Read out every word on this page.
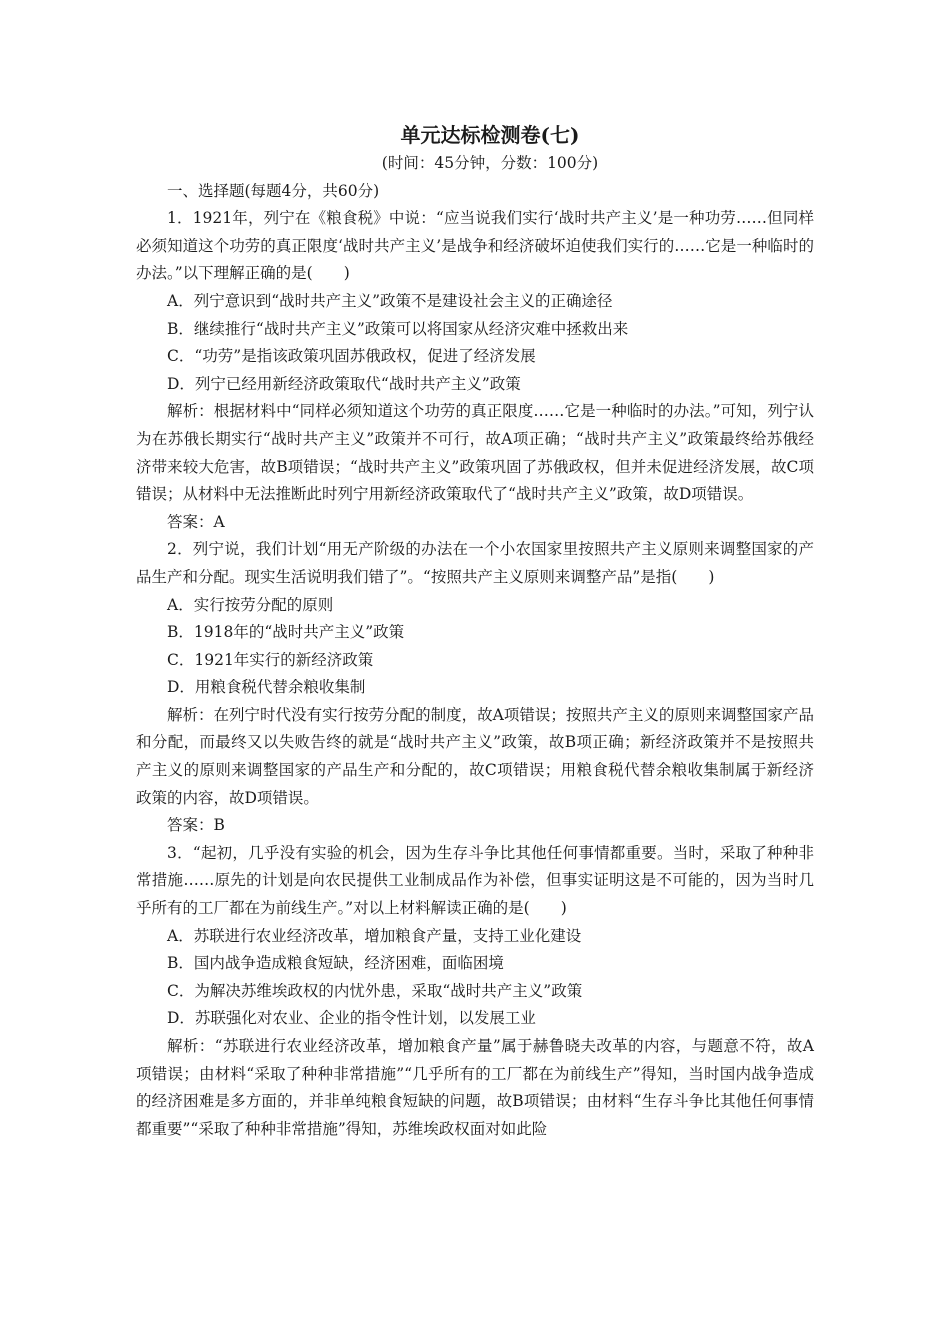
单元达标检测卷(七)

(时间：45分钟，分数：100分)

一、选择题(每题4分，共60分)

1．1921年，列宁在《粮食税》中说：“应当说我们实行‘战时共产主义’是一种功劳……但同样必须知道这个功劳的真正限度‘战时共产主义’是战争和经济破坏迫使我们实行的……它是一种临时的办法。”以下理解正确的是(　　)

A．列宁意识到“战时共产主义”政策不是建设社会主义的正确途径

B．继续推行“战时共产主义”政策可以将国家从经济灾难中拯救出来

C．“功劳”是指该政策巩固苏俄政权，促进了经济发展

D．列宁已经用新经济政策取代“战时共产主义”政策

解析：根据材料中“同样必须知道这个功劳的真正限度……它是一种临时的办法。”可知，列宁认为在苏俄长期实行“战时共产主义”政策并不可行，故A项正确；“战时共产主义”政策最终给苏俄经济带来较大危害，故B项错误；“战时共产主义”政策巩固了苏俄政权，但并未促进经济发展，故C项错误；从材料中无法推断此时列宁用新经济政策取代了“战时共产主义”政策，故D项错误。

答案：A

2．列宁说，我们计划“用无产阶级的办法在一个小农国家里按照共产主义原则来调整国家的产品生产和分配。现实生活说明我们错了”。“按照共产主义原则来调整产品”是指(　　)

A．实行按劳分配的原则

B．1918年的“战时共产主义”政策

C．1921年实行的新经济政策

D．用粮食税代替余粮收集制

解析：在列宁时代没有实行按劳分配的制度，故A项错误；按照共产主义的原则来调整国家产品和分配，而最终又以失败告终的就是“战时共产主义”政策，故B项正确；新经济政策并不是按照共产主义的原则来调整国家的产品生产和分配的，故C项错误；用粮食税代替余粮收集制属于新经济政策的内容，故D项错误。

答案：B

3．“起初，几乎没有实验的机会，因为生存斗争比其他任何事情都重要。当时，采取了种种非常措施……原先的计划是向农民提供工业制成品作为补偿，但事实证明这是不可能的，因为当时几乎所有的工厂都在为前线生产。”对以上材料解读正确的是(　　)

A．苏联进行农业经济改革，增加粮食产量，支持工业化建设

B．国内战争造成粮食短缺，经济困难，面临困境

C．为解决苏维埃政权的内忧外患，采取“战时共产主义”政策

D．苏联强化对农业、企业的指令性计划，以发展工业

解析：“苏联进行农业经济改革，增加粮食产量”属于赫鲁晓夫改革的内容，与题意不符，故A项错误；由材料“采取了种种非常措施”“几乎所有的工厂都在为前线生产”得知，当时国内战争造成的经济困难是多方面的，并非单纯粮食短缺的问题，故B项错误；由材料“生存斗争比其他任何事情都重要”“采取了种种非常措施”得知，苏维埃政权面对如此险
